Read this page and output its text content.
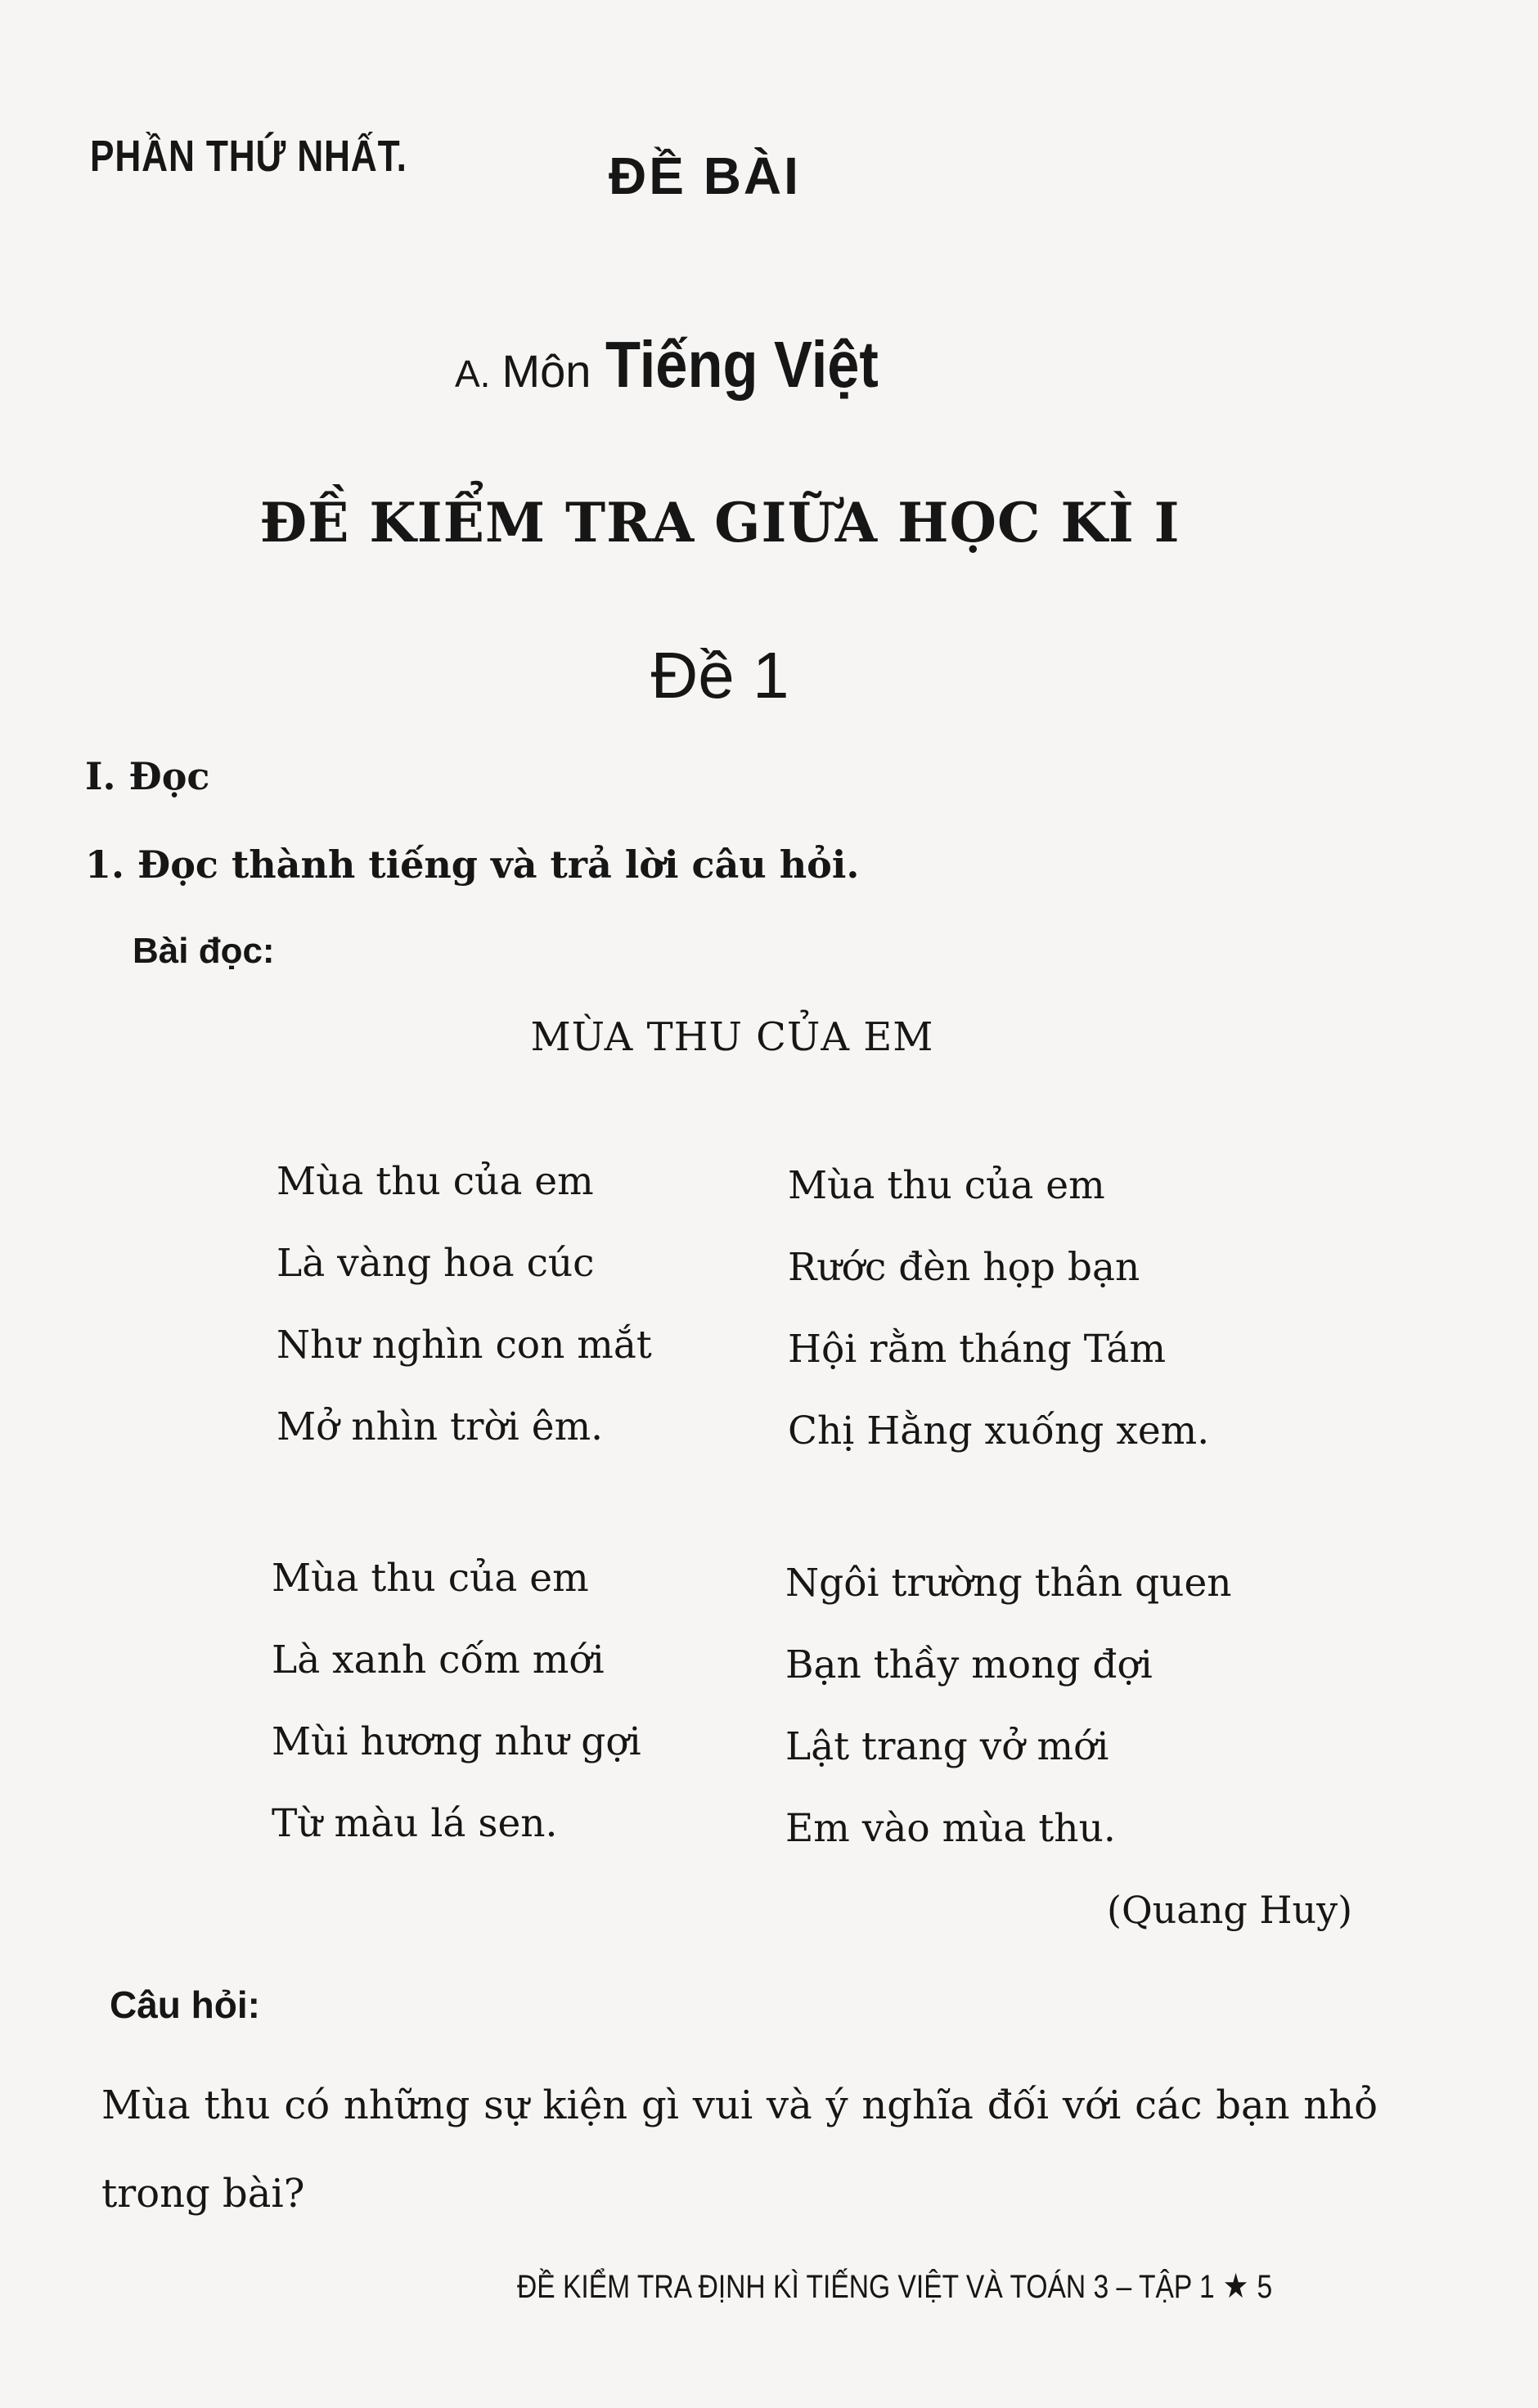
PHẦN THỨ NHẤT.	ĐỀ BÀI
A. Môn Tiếng Việt
ĐỀ KIỂM TRA GIỮA HỌC KÌ I
Đề 1
I. Đọc
1. Đọc thành tiếng và trả lời câu hỏi.
Bài đọc:
MÙA THU CỦA EM
Mùa thu của em
Là vàng hoa cúc
Như nghìn con mắt
Mở nhìn trời êm.
Mùa thu của em
Rước đèn họp bạn
Hội rằm tháng Tám
Chị Hằng xuống xem.
Mùa thu của em
Là xanh cốm mới
Mùi hương như gợi
Từ màu lá sen.
Ngôi trường thân quen
Bạn thầy mong đợi
Lật trang vở mới
Em vào mùa thu.
(Quang Huy)
Câu hỏi:
Mùa thu có những sự kiện gì vui và ý nghĩa đối với các bạn nhỏ trong bài?
ĐỀ KIỂM TRA ĐỊNH KÌ TIẾNG VIỆT VÀ TOÁN 3 – TẬP 1 ★ 5
